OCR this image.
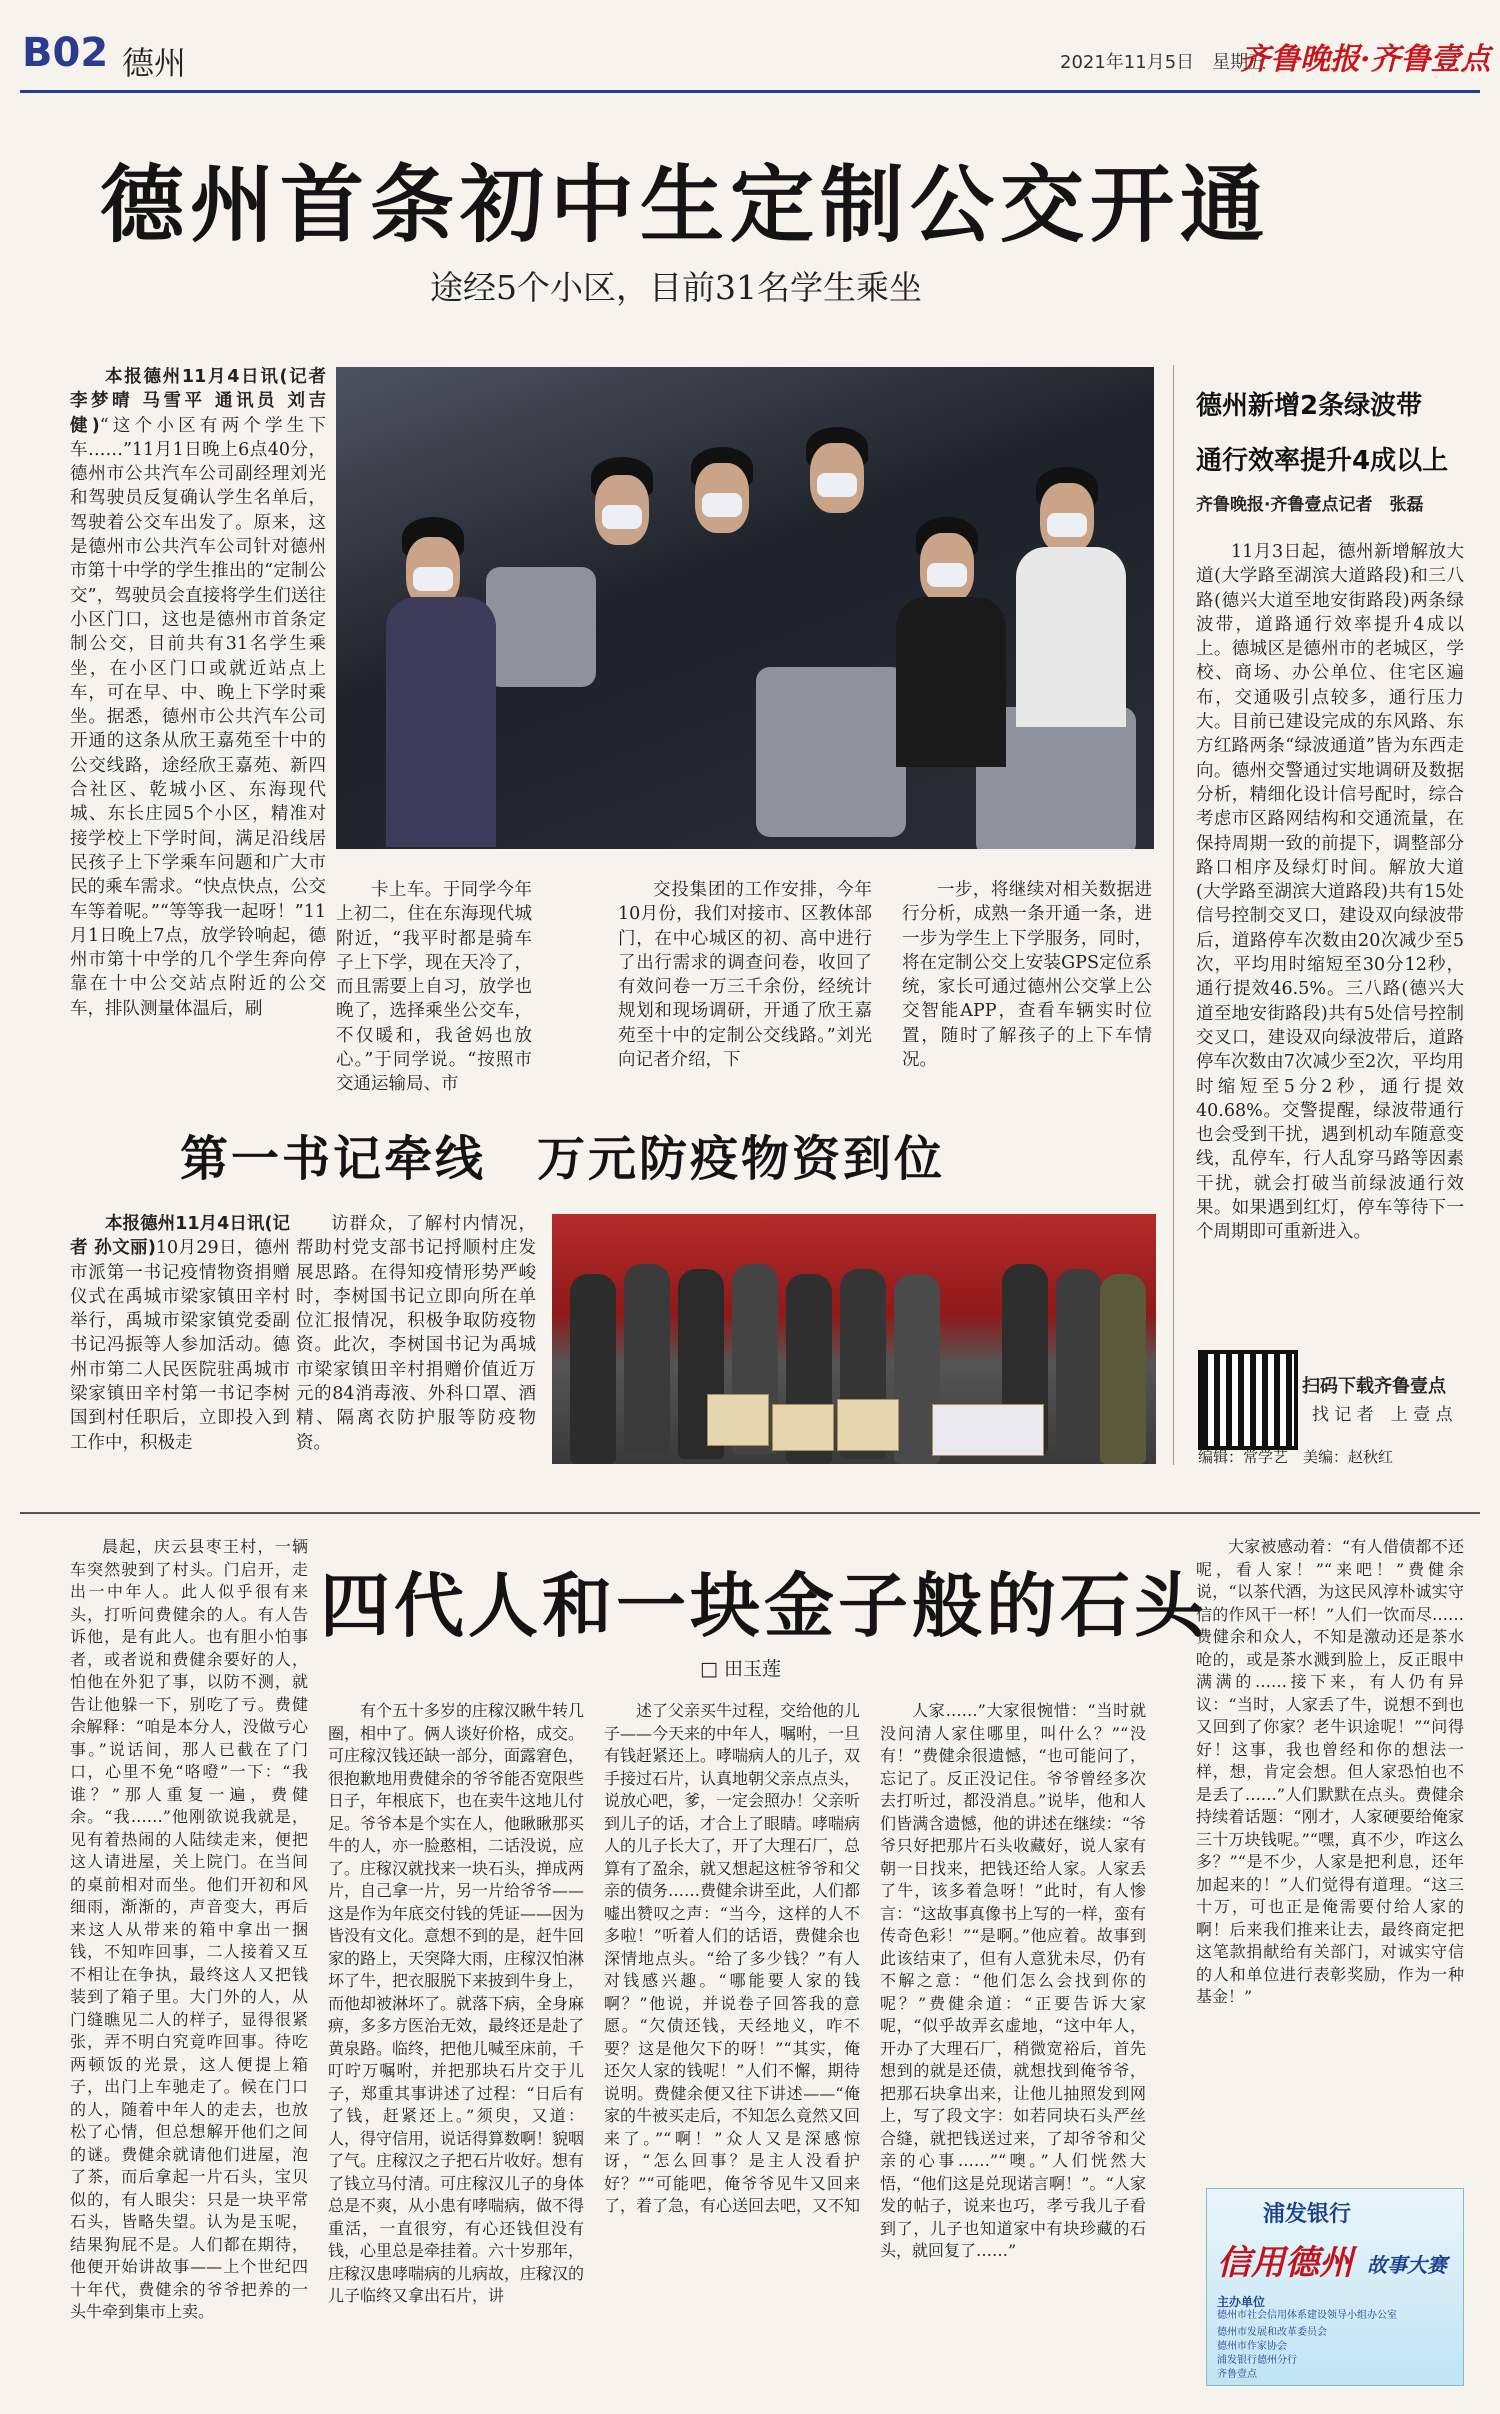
B02 德州	2021年11月5日　星期五
齐鲁晚报·齐鲁壹点
德州首条初中生定制公交开通
途经5个小区，目前31名学生乘坐

本报德州11月4日讯(记者 李梦晴 马雪平 通讯员 刘吉健)“这个小区有两个学生下车……”11月1日晚上6点40分，德州市公共汽车公司副经理刘光和驾驶员反复确认学生名单后，驾驶着公交车出发了。原来，这是德州市公共汽车公司针对德州市第十中学的学生推出的“定制公交”，驾驶员会直接将学生们送往小区门口，这也是德州市首条定制公交，目前共有31名学生乘坐，在小区门口或就近站点上车，可在早、中、晚上下学时乘坐。据悉，德州市公共汽车公司开通的这条从欣王嘉苑至十中的公交线路，途经欣王嘉苑、新四合社区、乾城小区、东海现代城、东长庄园5个小区，精准对接学校上下学时间，满足沿线居民孩子上下学乘车问题和广大市民的乘车需求。“快点快点，公交车等着呢。”“等等我一起呀！”11月1日晚上7点，放学铃响起，德州市第十中学的几个学生奔向停靠在十中公交站点附近的公交车，排队测量体温后，刷

卡上车。于同学今年上初二，住在东海现代城附近，“我平时都是骑车子上下学，现在天冷了，而且需要上自习，放学也晚了，选择乘坐公交车，不仅暖和，我爸妈也放心。”于同学说。“按照市交通运输局、市

交投集团的工作安排，今年10月份，我们对接市、区教体部门，在中心城区的初、高中进行了出行需求的调查问卷，收回了有效问卷一万三千余份，经统计规划和现场调研，开通了欣王嘉苑至十中的定制公交线路。”刘光向记者介绍，下

一步，将继续对相关数据进行分析，成熟一条开通一条，进一步为学生上下学服务，同时，将在定制公交上安装GPS定位系统，家长可通过德州公交掌上公交智能APP，查看车辆实时位置，随时了解孩子的上下车情况。

德州新增2条绿波带
通行效率提升4成以上
齐鲁晚报·齐鲁壹点记者　张磊

11月3日起，德州新增解放大道(大学路至湖滨大道路段)和三八路(德兴大道至地安街路段)两条绿波带，道路通行效率提升4成以上。德城区是德州市的老城区，学校、商场、办公单位、住宅区遍布，交通吸引点较多，通行压力大。目前已建设完成的东风路、东方红路两条“绿波通道”皆为东西走向。德州交警通过实地调研及数据分析，精细化设计信号配时，综合考虑市区路网结构和交通流量，在保持周期一致的前提下，调整部分路口相序及绿灯时间。解放大道(大学路至湖滨大道路段)共有15处信号控制交叉口，建设双向绿波带后，道路停车次数由20次减少至5次，平均用时缩短至30分12秒，通行提效46.5%。三八路(德兴大道至地安街路段)共有5处信号控制交叉口，建设双向绿波带后，道路停车次数由7次减少至2次，平均用时缩短至5分2秒，通行提效40.68%。交警提醒，绿波带通行也会受到干扰，遇到机动车随意变线，乱停车，行人乱穿马路等因素干扰，就会打破当前绿波通行效果。如果遇到红灯，停车等待下一个周期即可重新进入。

扫码下载齐鲁壹点
找 记 者　上 壹 点
编辑：常学艺　美编：赵秋红
第一书记牵线　万元防疫物资到位

本报德州11月4日讯(记者 孙文丽)10月29日，德州市派第一书记疫情物资捐赠仪式在禹城市梁家镇田辛村举行，禹城市梁家镇党委副书记冯振等人参加活动。德州市第二人民医院驻禹城市梁家镇田辛村第一书记李树国到村任职后，立即投入到工作中，积极走

访群众，了解村内情况，帮助村党支部书记捋顺村庄发展思路。在得知疫情形势严峻时，李树国书记立即向所在单位汇报情况，积极争取防疫物资。此次，李树国书记为禹城市梁家镇田辛村捐赠价值近万元的84消毒液、外科口罩、酒精、隔离衣防护服等防疫物资。

四代人和一块金子般的石头
□ 田玉莲

晨起，庆云县枣王村，一辆车突然驶到了村头。门启开，走出一中年人。此人似乎很有来头，打听问费健余的人。有人告诉他，是有此人。也有胆小怕事者，或者说和费健余要好的人，怕他在外犯了事，以防不测，就告让他躲一下，别吃了亏。费健余解释：“咱是本分人，没做亏心事。”说话间，那人已截在了门口，心里不免“咯噔”一下：“我谁？”那人重复一遍，费健余。“我……”他刚欲说我就是，见有着热闹的人陆续走来，便把这人请进屋，关上院门。在当间的桌前相对而坐。他们开初和风细雨，渐渐的，声音变大，再后来这人从带来的箱中拿出一捆钱，不知咋回事，二人接着又互不相让在争执，最终这人又把钱装到了箱子里。大门外的人，从门缝瞧见二人的样子，显得很紧张，弄不明白究竟咋回事。待吃两顿饭的光景，这人便提上箱子，出门上车驰走了。候在门口的人，随着中年人的走去，也放松了心情，但总想解开他们之间的谜。费健余就请他们进屋，泡了茶，而后拿起一片石头，宝贝似的，有人眼尖：只是一块平常石头，皆略失望。认为是玉呢，结果狗屁不是。人们都在期待，他便开始讲故事——上个世纪四十年代，费健余的爷爷把养的一头牛牵到集市上卖。

有个五十多岁的庄稼汉瞅牛转几圈，相中了。俩人谈好价格，成交。可庄稼汉钱还缺一部分，面露窘色，很抱歉地用费健余的爷爷能否宽限些日子，年根底下，也在卖牛这地儿付足。爷爷本是个实在人，他瞅瞅那买牛的人，亦一脸憨相，二话没说，应了。庄稼汉就找来一块石头，掸成两片，自己拿一片，另一片给爷爷——这是作为年底交付钱的凭证——因为皆没有文化。意想不到的是，赶牛回家的路上，天突降大雨，庄稼汉怕淋坏了牛，把衣服脱下来披到牛身上，而他却被淋坏了。就落下病，全身麻痹，多多方医治无效，最终还是赴了黄泉路。临终，把他儿喊至床前，千叮咛万嘱咐，并把那块石片交于儿子，郑重其事讲述了过程：“日后有了钱，赶紧还上。”须臾，又道：人，得守信用，说话得算数啊！貌咽了气。庄稼汉之子把石片收好。想有了钱立马付清。可庄稼汉儿子的身体总是不爽，从小患有哮喘病，做不得重活，一直很穷，有心还钱但没有钱，心里总是牵挂着。六十岁那年，庄稼汉患哮喘病的儿病故，庄稼汉的儿子临终又拿出石片，讲

述了父亲买牛过程，交给他的儿子——今天来的中年人，嘱咐，一旦有钱赶紧还上。哮喘病人的儿子，双手接过石片，认真地朝父亲点点头，说放心吧，爹，一定会照办！父亲听到儿子的话，才合上了眼睛。哮喘病人的儿子长大了，开了大理石厂，总算有了盈余，就又想起这桩爷爷和父亲的债务……费健余讲至此，人们都嘘出赞叹之声：“当今，这样的人不多啦！”听着人们的话语，费健余也深情地点头。“给了多少钱？”有人对钱感兴趣。“哪能要人家的钱啊？”他说，并说卷子回答我的意愿。“欠债还钱，天经地义，咋不要？这是他欠下的呀！”“其实，俺还欠人家的钱呢！”人们不懈，期待说明。费健余便又往下讲述——“俺家的牛被买走后，不知怎么竟然又回来了。”“啊！”众人又是深感惊讶，“怎么回事？是主人没看护好？”“可能吧，俺爷爷见牛又回来了，着了急，有心送回去吧，又不知

人家……”大家很惋惜：“当时就没问清人家住哪里，叫什么？”“没有！”费健余很遗憾，“也可能问了，忘记了。反正没记住。爷爷曾经多次去打听过，都没消息。”说毕，他和人们皆满含遗憾，他的讲述在继续：“爷爷只好把那片石头收藏好，说人家有朝一日找来，把钱还给人家。人家丢了牛，该多着急呀！”此时，有人惨言：“这故事真像书上写的一样，蛮有传奇色彩！”“是啊。”他应着。故事到此该结束了，但有人意犹未尽，仍有不解之意：“他们怎么会找到你的呢？”费健余道：“正要告诉大家呢，“似乎故弄玄虚地，“这中年人，开办了大理石厂，稍微宽裕后，首先想到的就是还债，就想找到俺爷爷，把那石块拿出来，让他儿抽照发到网上，写了段文字：如若同块石头严丝合缝，就把钱送过来，了却爷爷和父亲的心事……”“噢。”人们恍然大悟，“他们这是兑现诺言啊！”。“人家发的帖子，说来也巧，孝亏我儿子看到了，儿子也知道家中有块珍藏的石头，就回复了……”

大家被感动着：“有人借债都不还呢，看人家！”“来吧！”费健余说，“以茶代酒，为这民风淳朴诚实守信的作风干一杯！”人们一饮而尽……费健余和众人，不知是激动还是茶水呛的，或是茶水溅到脸上，反正眼中满满的……接下来，有人仍有异议：“当时，人家丢了牛，说想不到也又回到了你家？老牛识途呢！”“问得好！这事，我也曾经和你的想法一样，想，肯定会想。但人家恐怕也不是丢了……”人们默默在点头。费健余持续着话题：“刚才，人家硬要给俺家三十万块钱呢。”“嘿，真不少，咋这么多？”“是不少，人家是把利息，还年加起来的！”人们觉得有道理。“这三十万，可也正是俺需要付给人家的啊！后来我们推来让去，最终商定把这笔款捐献给有关部门，对诚实守信的人和单位进行表彰奖励，作为一种基金！”

浦发银行
信用德州 故事大赛
主办单位
德州市社会信用体系建设领导小组办公室
德州市发展和改革委员会
德州市作家协会
浦发银行德州分行
齐鲁壹点
